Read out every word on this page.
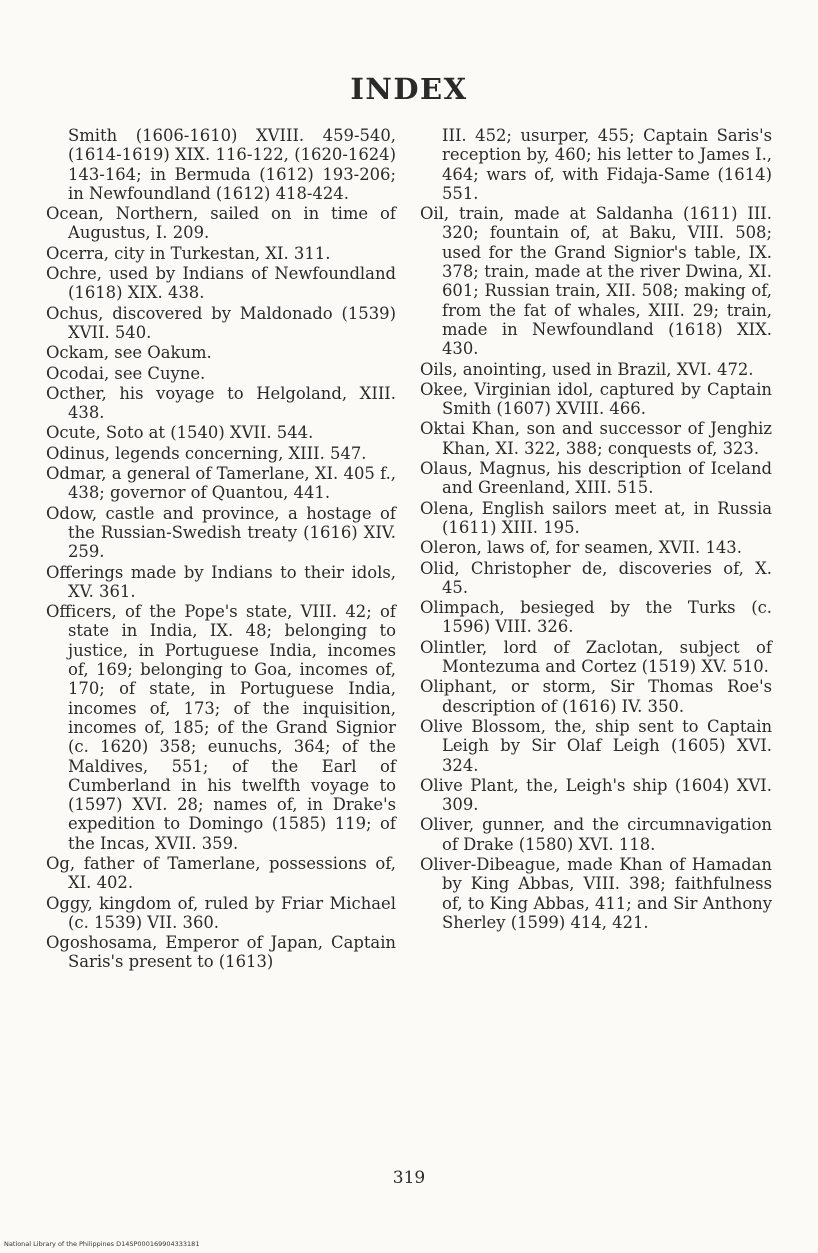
INDEX
Smith (1606-1610) XVIII. 459-540, (1614-1619) XIX. 116-122, (1620-1624) 143-164; in Bermuda (1612) 193-206; in Newfoundland (1612) 418-424.
Ocean, Northern, sailed on in time of Augustus, I. 209.
Ocerra, city in Turkestan, XI. 311.
Ochre, used by Indians of Newfoundland (1618) XIX. 438.
Ochus, discovered by Maldonado (1539) XVII. 540.
Ockam, see Oakum.
Ocodai, see Cuyne.
Octher, his voyage to Helgoland, XIII. 438.
Ocute, Soto at (1540) XVII. 544.
Odinus, legends concerning, XIII. 547.
Odmar, a general of Tamerlane, XI. 405 f., 438; governor of Quantou, 441.
Odow, castle and province, a hostage of the Russian-Swedish treaty (1616) XIV. 259.
Offerings made by Indians to their idols, XV. 361.
Officers, of the Pope's state, VIII. 42; of state in India, IX. 48; belonging to justice, in Portuguese India, incomes of, 169; belonging to Goa, incomes of, 170; of state, in Portuguese India, incomes of, 173; of the inquisition, incomes of, 185; of the Grand Signior (c. 1620) 358; eunuchs, 364; of the Maldives, 551; of the Earl of Cumberland in his twelfth voyage to (1597) XVI. 28; names of, in Drake's expedition to Domingo (1585) 119; of the Incas, XVII. 359.
Og, father of Tamerlane, possessions of, XI. 402.
Oggy, kingdom of, ruled by Friar Michael (c. 1539) VII. 360.
Ogoshosama, Emperor of Japan, Captain Saris's present to (1613)
III. 452; usurper, 455; Captain Saris's reception by, 460; his letter to James I., 464; wars of, with Fidaja-Same (1614) 551.
Oil, train, made at Saldanha (1611) III. 320; fountain of, at Baku, VIII. 508; used for the Grand Signior's table, IX. 378; train, made at the river Dwina, XI. 601; Russian train, XII. 508; making of, from the fat of whales, XIII. 29; train, made in Newfoundland (1618) XIX. 430.
Oils, anointing, used in Brazil, XVI. 472.
Okee, Virginian idol, captured by Captain Smith (1607) XVIII. 466.
Oktai Khan, son and successor of Jenghiz Khan, XI. 322, 388; conquests of, 323.
Olaus, Magnus, his description of Iceland and Greenland, XIII. 515.
Olena, English sailors meet at, in Russia (1611) XIII. 195.
Oleron, laws of, for seamen, XVII. 143.
Olid, Christopher de, discoveries of, X. 45.
Olimpach, besieged by the Turks (c. 1596) VIII. 326.
Olintler, lord of Zaclotan, subject of Montezuma and Cortez (1519) XV. 510.
Oliphant, or storm, Sir Thomas Roe's description of (1616) IV. 350.
Olive Blossom, the, ship sent to Captain Leigh by Sir Olaf Leigh (1605) XVI. 324.
Olive Plant, the, Leigh's ship (1604) XVI. 309.
Oliver, gunner, and the circumnavigation of Drake (1580) XVI. 118.
Oliver-Dibeague, made Khan of Hamadan by King Abbas, VIII. 398; faithfulness of, to King Abbas, 411; and Sir Anthony Sherley (1599) 414, 421.
319
National Library of the Philippines D14SP000169904333181
